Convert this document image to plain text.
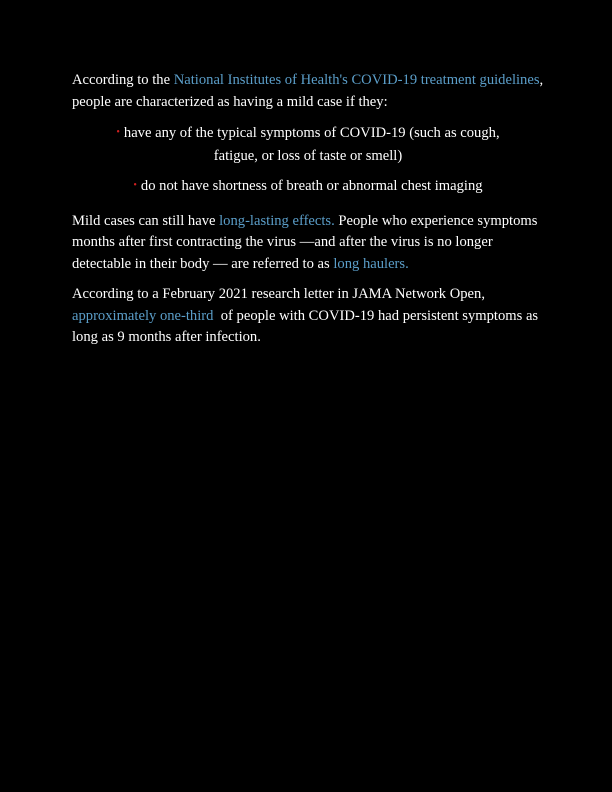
According to the National Institutes of Health's COVID-19 treatment guidelines, people are characterized as having a mild case if they:

• have any of the typical symptoms of COVID-19 (such as cough, fatigue, or loss of taste or smell)
• do not have shortness of breath or abnormal chest imaging

Mild cases can still have long-lasting effects. People who experience symptoms months after first contracting the virus —and after the virus is no longer detectable in their body — are referred to as long haulers.

According to a February 2021 research letter in JAMA Network Open, approximately one-third  of people with COVID-19 had persistent symptoms as long as 9 months after infection.
